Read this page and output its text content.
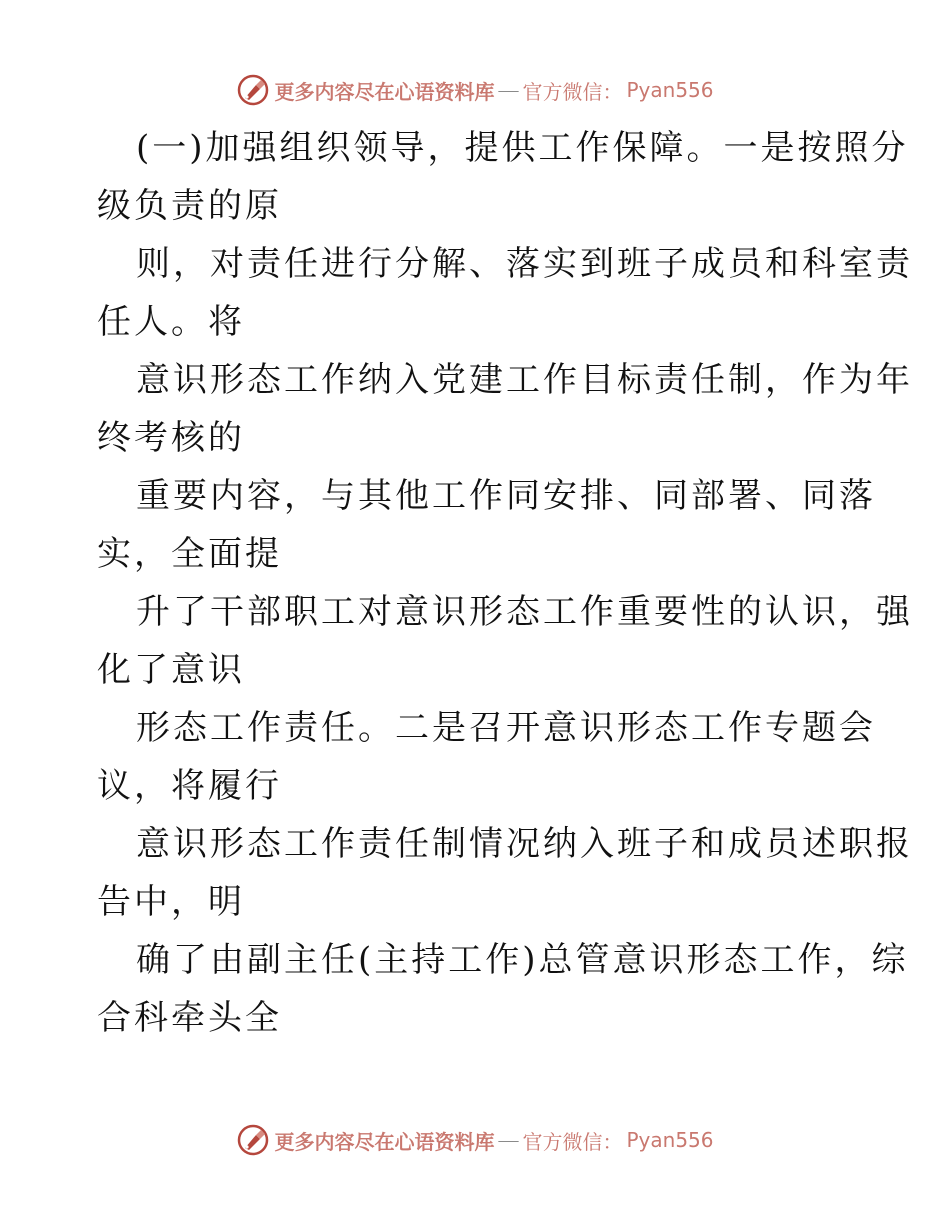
更多内容尽在心语资料库 — 官方微信： Pyan556
(一)加强组织领导，提供工作保障。一是按照分
级负责的原
则，对责任进行分解、落实到班子成员和科室责
任人。将
意识形态工作纳入党建工作目标责任制，作为年
终考核的
重要内容，与其他工作同安排、同部署、同落
实，全面提
升了干部职工对意识形态工作重要性的认识，强
化了意识
形态工作责任。二是召开意识形态工作专题会
议，将履行
意识形态工作责任制情况纳入班子和成员述职报
告中，明
确了由副主任(主持工作)总管意识形态工作，综
合科牵头全
更多内容尽在心语资料库 — 官方微信： Pyan556
